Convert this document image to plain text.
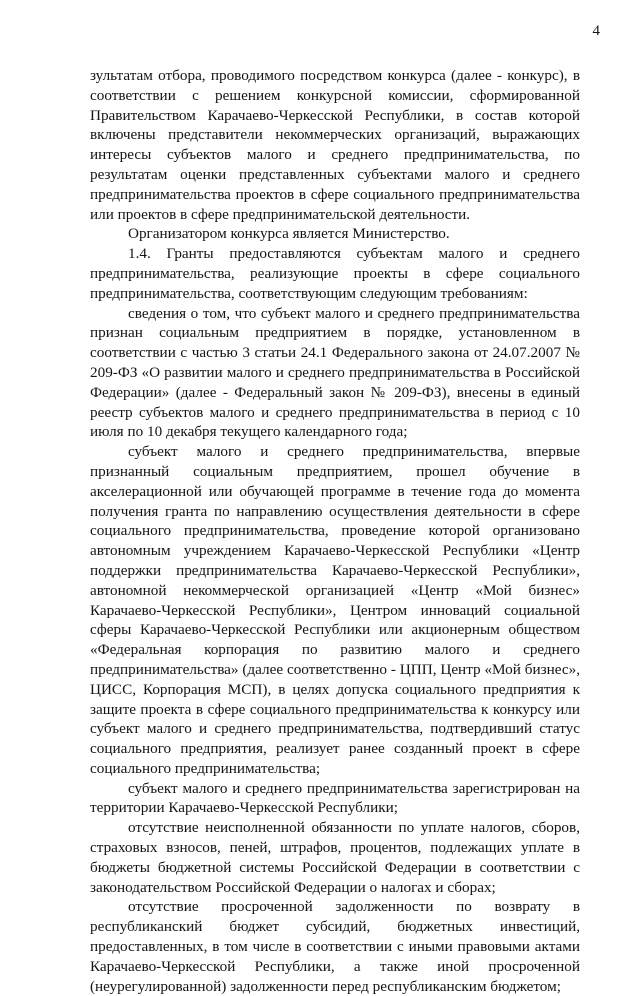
4

зультатам отбора, проводимого посредством конкурса (далее - конкурс), в соответствии с решением конкурсной комиссии, сформированной Правительством Карачаево-Черкесской Республики, в состав которой включены представители некоммерческих организаций, выражающих интересы субъектов малого и среднего предпринимательства, по результатам оценки представленных субъектами малого и среднего предпринимательства проектов в сфере социального предпринимательства или проектов в сфере предпринимательской деятельности.

Организатором конкурса является Министерство.

1.4. Гранты предоставляются субъектам малого и среднего предпринимательства, реализующие проекты в сфере социального предпринимательства, соответствующим следующим требованиям:

сведения о том, что субъект малого и среднего предпринимательства признан социальным предприятием в порядке, установленном в соответствии с частью 3 статьи 24.1 Федерального закона от 24.07.2007 № 209-ФЗ «О развитии малого и среднего предпринимательства в Российской Федерации» (далее - Федеральный закон № 209-ФЗ), внесены в единый реестр субъектов малого и среднего предпринимательства в период с 10 июля по 10 декабря текущего календарного года;

субъект малого и среднего предпринимательства, впервые признанный социальным предприятием, прошел обучение в акселерационной или обучающей программе в течение года до момента получения гранта по направлению осуществления деятельности в сфере социального предпринимательства, проведение которой организовано автономным учреждением Карачаево-Черкесской Республики «Центр поддержки предпринимательства Карачаево-Черкесской Республики», автономной некоммерческой организацией «Центр «Мой бизнес» Карачаево-Черкесской Республики», Центром инноваций социальной сферы Карачаево-Черкесской Республики или акционерным обществом «Федеральная корпорация по развитию малого и среднего предпринимательства» (далее соответственно - ЦПП, Центр «Мой бизнес», ЦИСС, Корпорация МСП), в целях допуска социального предприятия к защите проекта в сфере социального предпринимательства к конкурсу или субъект малого и среднего предпринимательства, подтвердивший статус социального предприятия, реализует ранее созданный проект в сфере социального предпринимательства;

субъект малого и среднего предпринимательства зарегистрирован на территории Карачаево-Черкесской Республики;

отсутствие неисполненной обязанности по уплате налогов, сборов, страховых взносов, пеней, штрафов, процентов, подлежащих уплате в бюджеты бюджетной системы Российской Федерации в соответствии с законодательством Российской Федерации о налогах и сборах;

отсутствие просроченной задолженности по возврату в республиканский бюджет субсидий, бюджетных инвестиций, предоставленных, в том числе в соответствии с иными правовыми актами Карачаево-Черкесской Республики, а также иной просроченной (неурегулированной) задолженности перед республиканским бюджетом;
